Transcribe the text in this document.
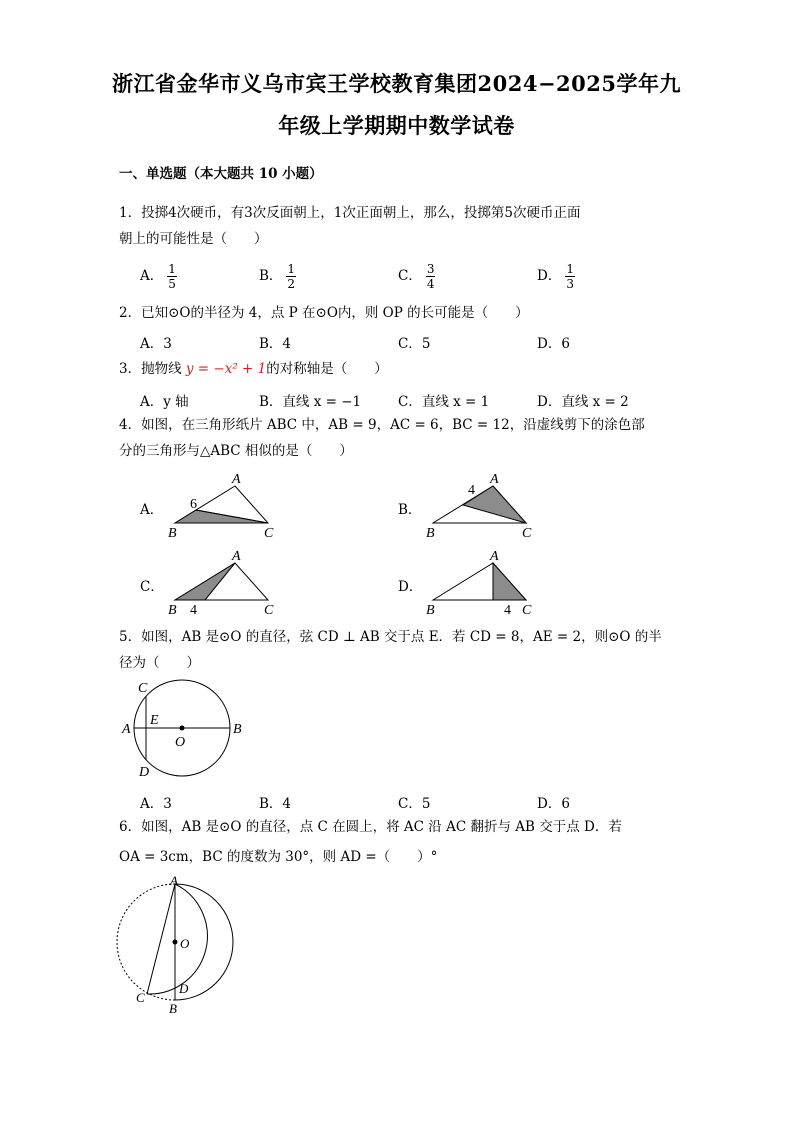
浙江省金华市义乌市宾王学校教育集团2024−2025学年九
年级上学期期中数学试卷
一、单选题（本大题共 10 小题）
1．投掷4次硬币，有3次反面朝上，1次正面朝上，那么，投掷第5次硬币正面
朝上的可能性是（　　）
A． $\frac{1}{5}$	B． $\frac{1}{2}$	C． $\frac{3}{4}$	D． $\frac{1}{3}$
2．已知⊙O的半径为 4，点 P 在⊙O内，则 OP 的长可能是（　　）
A．3	B．4	C．5	D．6
3．抛物线 y = −x² + 1的对称轴是（　　）
A．y 轴	B．直线 x = −1	C．直线 x = 1	D．直线 x = 2
4．如图，在三角形纸片 ABC 中，AB = 9，AC = 6，BC = 12，沿虚线剪下的涂色部
分的三角形与△ABC 相似的是（　　）
A．	B．
C．	D．
A
B	C
6
A
B	C
4
A
B	C
4
A
B	C
4
5．如图，AB 是⊙O 的直径，弦 CD ⊥ AB 交于点 E．若 CD = 8，AE = 2，则⊙O 的半
径为（　　）
C
A
E
O
B
D
A．3	B．4	C．5	D．6
6．如图，AB 是⊙O 的直径，点 C 在圆上，将 AC 沿 AC 翻折与 AB 交于点 D．若
OA = 3cm，BC 的度数为 30°，则 AD =（　　）°
A
O
C
D
B
